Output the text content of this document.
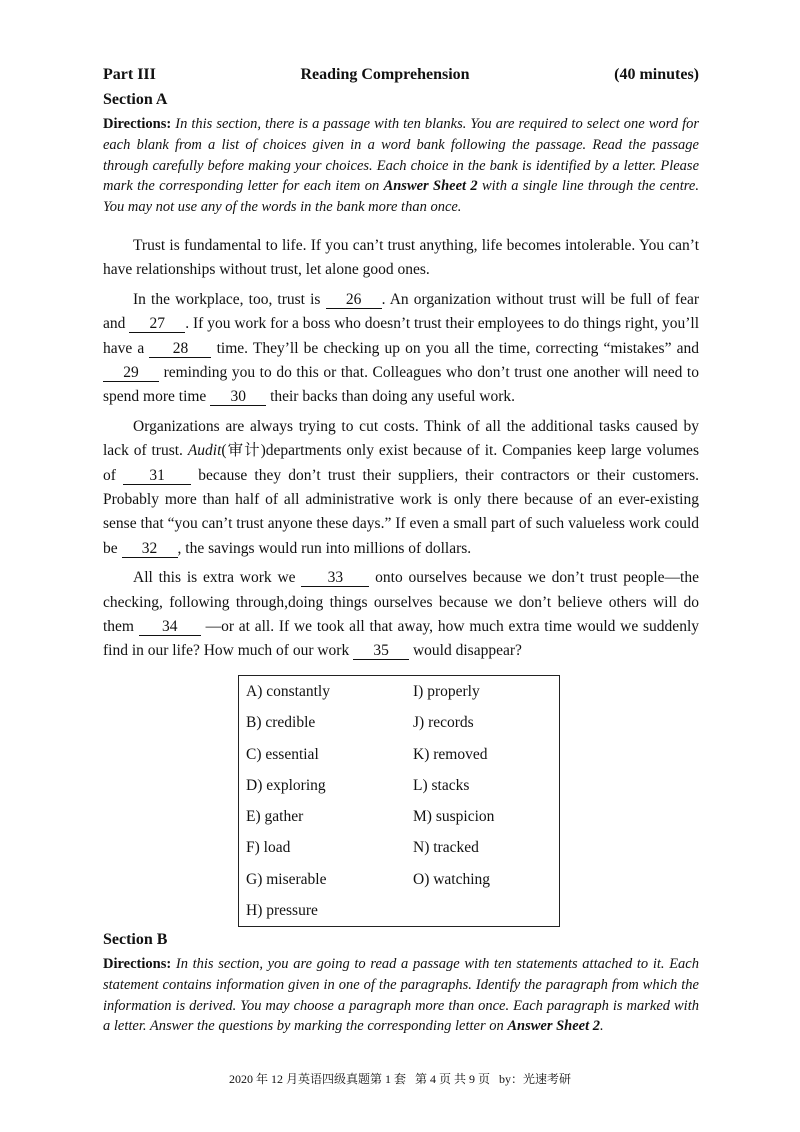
Part III	Reading Comprehension	(40 minutes)
Section A
Directions: In this section, there is a passage with ten blanks. You are required to select one word for each blank from a list of choices given in a word bank following the passage. Read the passage through carefully before making your choices. Each choice in the bank is identified by a letter. Please mark the corresponding letter for each item on Answer Sheet 2 with a single line through the centre. You may not use any of the words in the bank more than once.

Trust is fundamental to life. If you can’t trust anything, life becomes intolerable. You can’t have relationships without trust, let alone good ones.

In the workplace, too, trust is 26 . An organization without trust will be full of fear and 27 . If you work for a boss who doesn’t trust their employees to do things right, you’ll have a 28 time. They’ll be checking up on you all the time, correcting “mistakes” and 29 reminding you to do this or that. Colleagues who don’t trust one another will need to spend more time 30 their backs than doing any useful work.

Organizations are always trying to cut costs. Think of all the additional tasks caused by lack of trust. Audit(审计)departments only exist because of it. Companies keep large volumes of 31 because they don’t trust their suppliers, their contractors or their customers. Probably more than half of all administrative work is only there because of an ever-existing sense that “you can’t trust anyone these days.” If even a small part of such valueless work could be 32 , the savings would run into millions of dollars.

All this is extra work we 33 onto ourselves because we don’t trust people—the checking, following through,doing things ourselves because we don’t believe others will do them 34 —or at all. If we took all that away, how much extra time would we suddenly find in our life? How much of our work 35 would disappear?

A) constantly	I) properly
B) credible	J) records
C) essential	K) removed
D) exploring	L) stacks
E) gather	M) suspicion
F) load	N) tracked
G) miserable	O) watching
H) pressure
Section B
Directions: In this section, you are going to read a passage with ten statements attached to it. Each statement contains information given in one of the paragraphs. Identify the paragraph from which the information is derived. You may choose a paragraph more than once. Each paragraph is marked with a letter. Answer the questions by marking the corresponding letter on Answer Sheet 2.
2020 年 12 月英语四级真题第 1 套 第 4 页 共 9 页 by：光速考研
